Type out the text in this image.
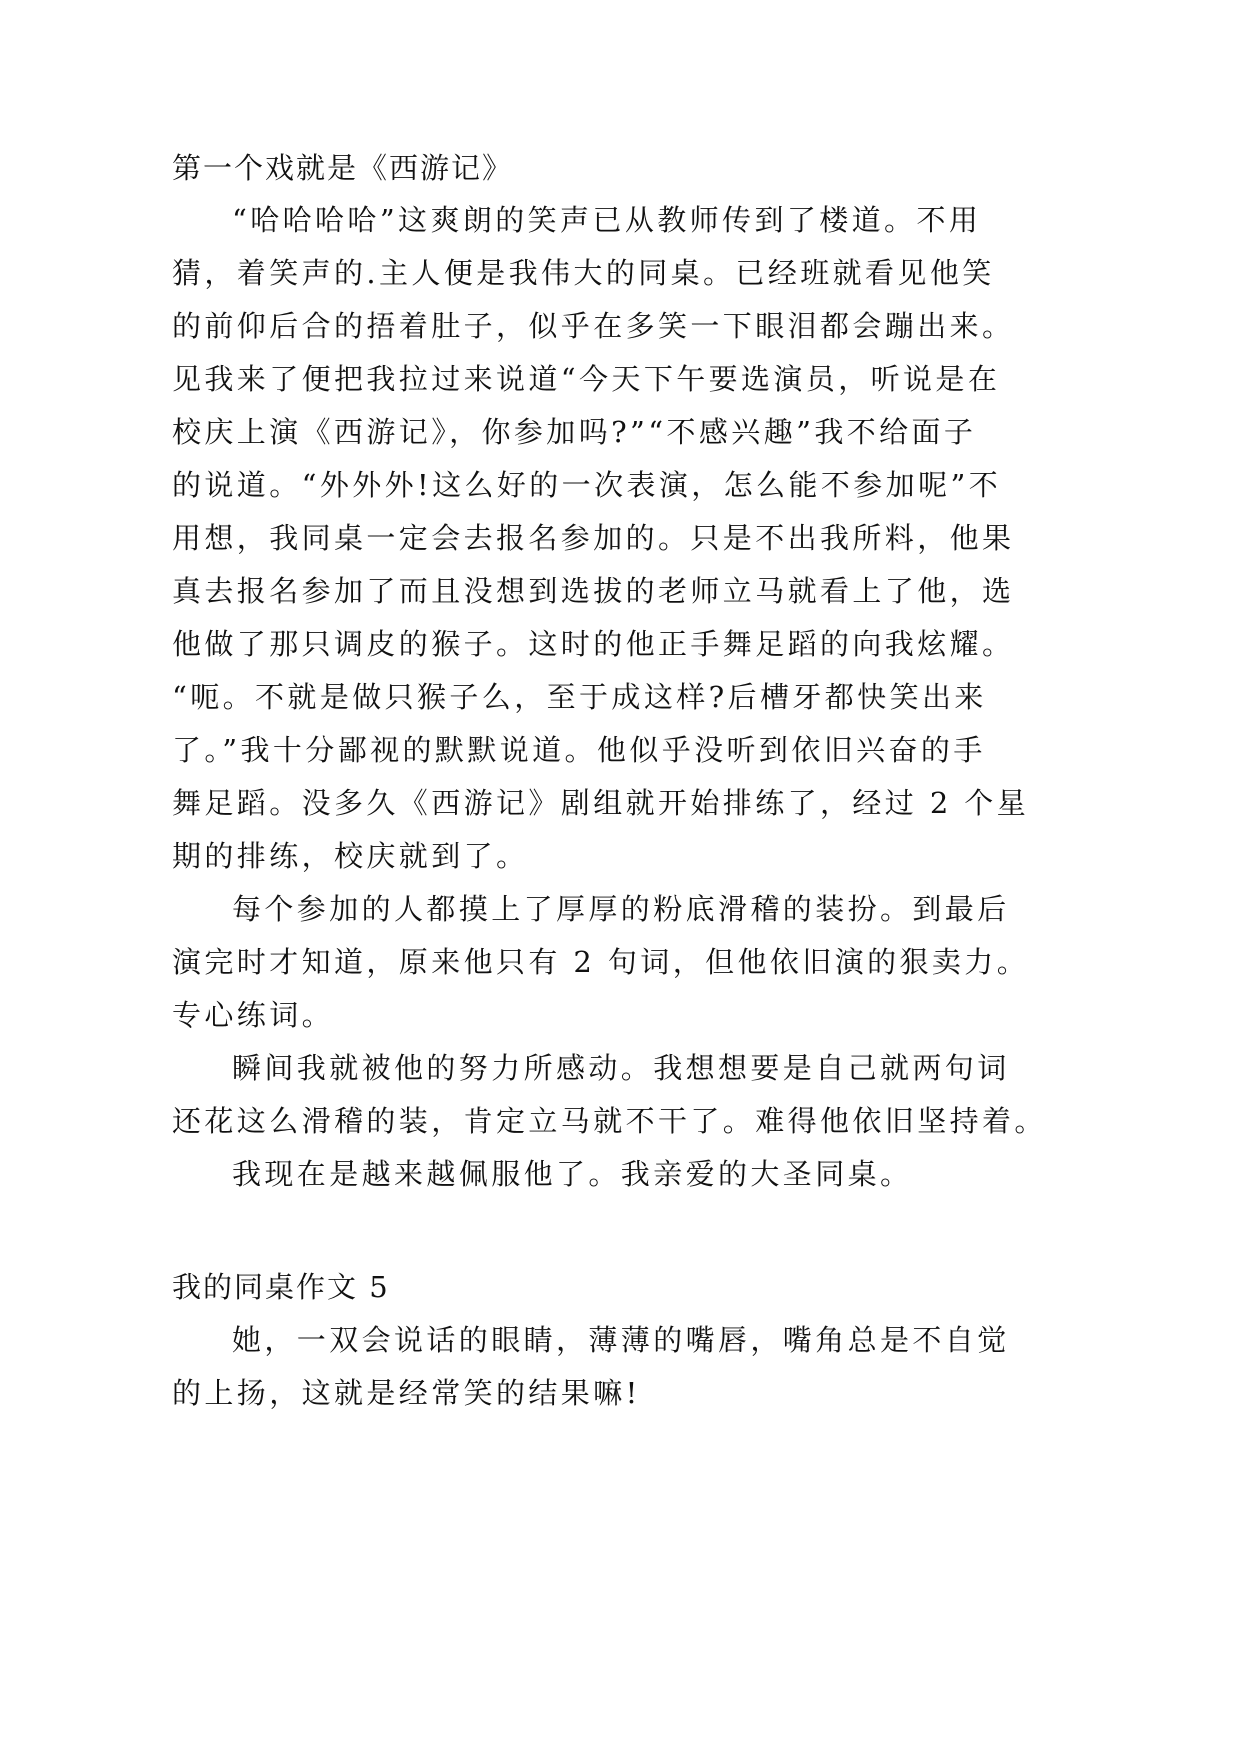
第一个戏就是《西游记》
“哈哈哈哈”这爽朗的笑声已从教师传到了楼道。不用
猜，着笑声的.主人便是我伟大的同桌。已经班就看见他笑
的前仰后合的捂着肚子，似乎在多笑一下眼泪都会蹦出来。
见我来了便把我拉过来说道“今天下午要选演员，听说是在
校庆上演《西游记》，你参加吗?”“不感兴趣”我不给面子
的说道。“外外外!这么好的一次表演，怎么能不参加呢”不
用想，我同桌一定会去报名参加的。只是不出我所料，他果
真去报名参加了而且没想到选拔的老师立马就看上了他，选
他做了那只调皮的猴子。这时的他正手舞足蹈的向我炫耀。
“呃。不就是做只猴子么，至于成这样?后槽牙都快笑出来
了。”我十分鄙视的默默说道。他似乎没听到依旧兴奋的手
舞足蹈。没多久《西游记》剧组就开始排练了，经过 2 个星
期的排练，校庆就到了。
每个参加的人都摸上了厚厚的粉底滑稽的装扮。到最后
演完时才知道，原来他只有 2 句词，但他依旧演的狠卖力。
专心练词。
瞬间我就被他的努力所感动。我想想要是自己就两句词
还花这么滑稽的装，肯定立马就不干了。难得他依旧坚持着。
我现在是越来越佩服他了。我亲爱的大圣同桌。
我的同桌作文 5
她，一双会说话的眼睛，薄薄的嘴唇，嘴角总是不自觉
的上扬，这就是经常笑的结果嘛!
